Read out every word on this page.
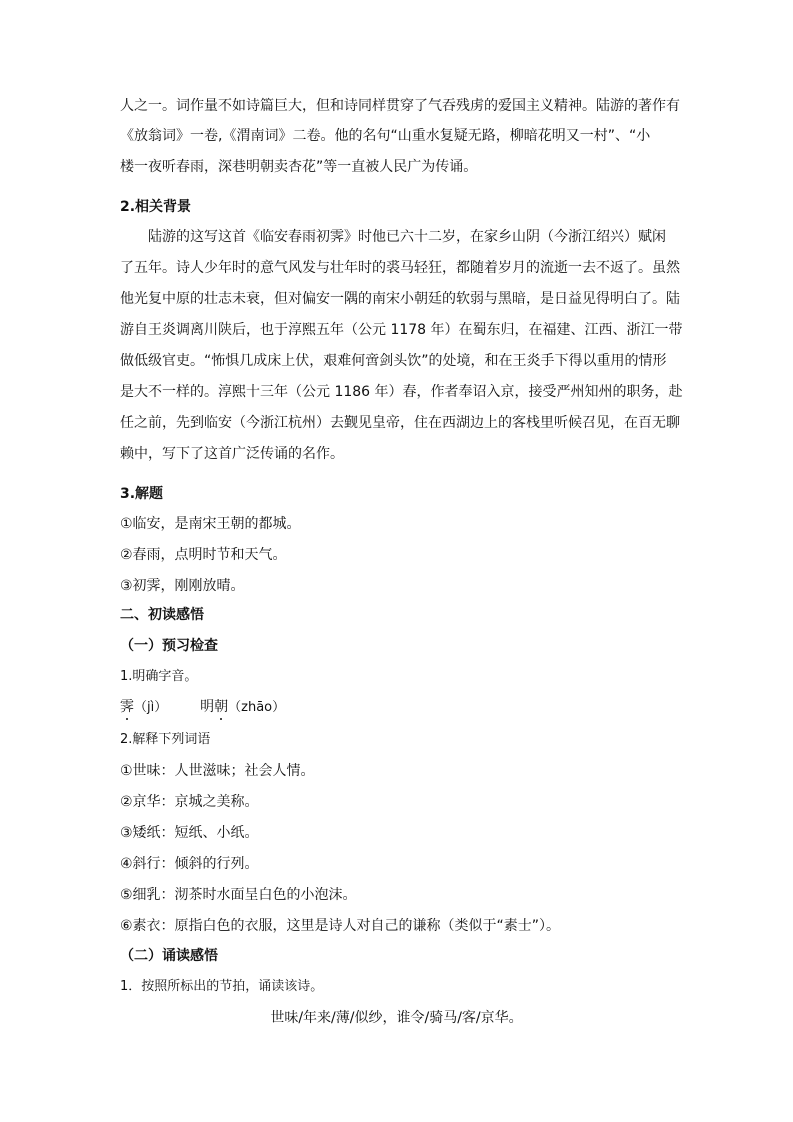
人之一。词作量不如诗篇巨大，但和诗同样贯穿了气吞残虏的爱国主义精神。陆游的著作有
《放翁词》一卷,《渭南词》二卷。他的名句“山重水复疑无路，柳暗花明又一村”、“小
楼一夜听春雨，深巷明朝卖杏花”等一直被人民广为传诵。
2.相关背景
陆游的这写这首《临安春雨初霁》时他已六十二岁，在家乡山阴（今浙江绍兴）赋闲
了五年。诗人少年时的意气风发与壮年时的裘马轻狂，都随着岁月的流逝一去不返了。虽然
他光复中原的壮志未衰，但对偏安一隅的南宋小朝廷的软弱与黑暗，是日益见得明白了。陆
游自王炎调离川陕后，也于淳熙五年（公元 1178 年）在蜀东归，在福建、江西、浙江一带
做低级官吏。“怖惧几成床上伏，艰难何啻剑头饮”的处境，和在王炎手下得以重用的情形
是大不一样的。淳熙十三年（公元 1186 年）春，作者奉诏入京，接受严州知州的职务，赴
任之前，先到临安（今浙江杭州）去觐见皇帝，住在西湖边上的客栈里听候召见，在百无聊
赖中，写下了这首广泛传诵的名作。
3.解题
①临安，是南宋王朝的都城。
②春雨，点明时节和天气。
③初霁，刚刚放晴。
二、初读感悟
（一）预习检查
1.明确字音。
霁（jì） 明朝（zhāo）
2.解释下列词语
①世味：人世滋味；社会人情。
②京华：京城之美称。
③矮纸：短纸、小纸。
④斜行：倾斜的行列。
⑤细乳：沏茶时水面呈白色的小泡沫。
⑥素衣：原指白色的衣服，这里是诗人对自己的谦称（类似于“素士”）。
（二）诵读感悟
1．按照所标出的节拍，诵读该诗。
世味/年来/薄/似纱，谁令/骑马/客/京华。
